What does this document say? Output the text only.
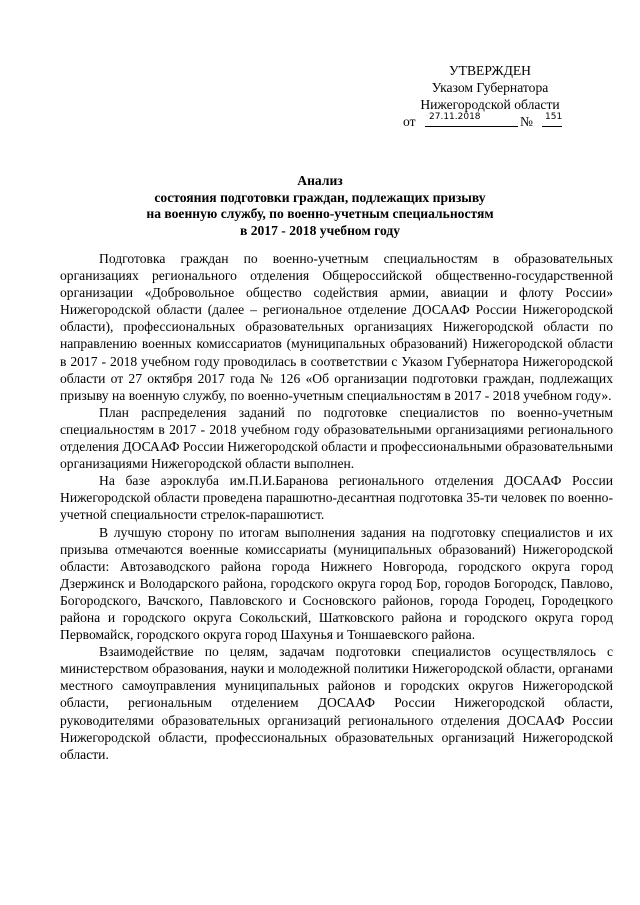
УТВЕРЖДЕН
Указом Губернатора
Нижегородской области
от 27.11.2018	№ 151
Анализ
состояния подготовки граждан, подлежащих призыву
на военную службу, по военно-учетным специальностям
в 2017 - 2018 учебном году

Подготовка граждан по военно-учетным специальностям в образовательных организациях регионального отделения Общероссийской общественно-государственной организации «Добровольное общество содействия армии, авиации и флоту России» Нижегородской области (далее – региональное отделение ДОСААФ России Нижегородской области), профессиональных образовательных организациях Нижегородской области по направлению военных комиссариатов (муниципальных образований) Нижегородской области в 2017 - 2018 учебном году проводилась в соответствии с Указом Губернатора Нижегородской области от 27 октября 2017 года № 126 «Об организации подготовки граждан, подлежащих призыву на военную службу, по военно-учетным специальностям в 2017 - 2018 учебном году».

План распределения заданий по подготовке специалистов по военно-учетным специальностям в 2017 - 2018 учебном году образовательными организациями регионального отделения ДОСААФ России Нижегородской области и профессиональными образовательными организациями Нижегородской области выполнен.

На базе аэроклуба им.П.И.Баранова регионального отделения ДОСААФ России Нижегородской области проведена парашютно-десантная подготовка 35-ти человек по военно-учетной специальности стрелок-парашютист.

В лучшую сторону по итогам выполнения задания на подготовку специалистов и их призыва отмечаются военные комиссариаты (муниципальных образований) Нижегородской области: Автозаводского района города Нижнего Новгорода, городского округа город Дзержинск и Володарского района, городского округа город Бор, городов Богородск, Павлово, Богородского, Вачского, Павловского и Сосновского районов, города Городец, Городецкого района и городского округа Сокольский, Шатковского района и городского округа город Первомайск, городского округа город Шахунья и Тоншаевского района.

Взаимодействие по целям, задачам подготовки специалистов осуществлялось с министерством образования, науки и молодежной политики Нижегородской области, органами местного самоуправления муниципальных районов и городских округов Нижегородской области, региональным отделением ДОСААФ России Нижегородской области, руководителями образовательных организаций регионального отделения ДОСААФ России Нижегородской области, профессиональных образовательных организаций Нижегородской области.
